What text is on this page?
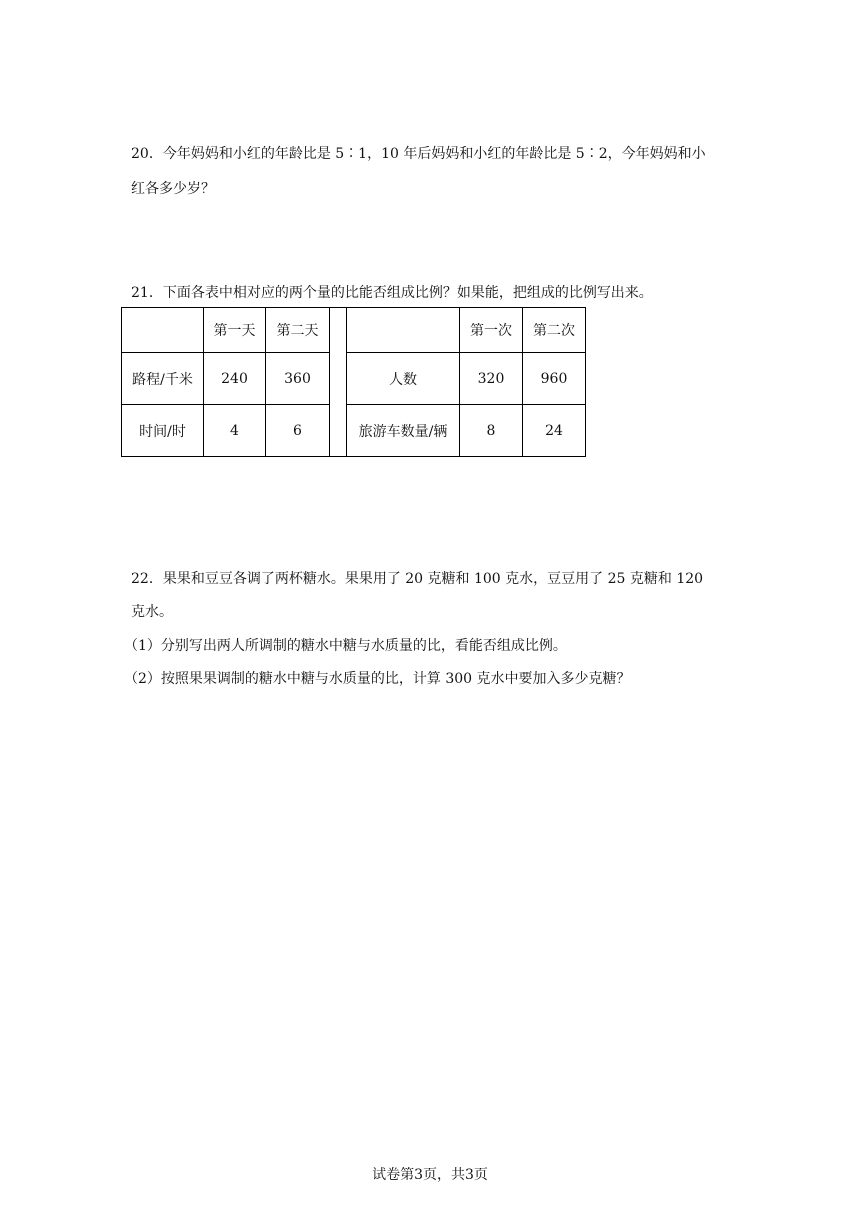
20．今年妈妈和小红的年龄比是 5∶1，10 年后妈妈和小红的年龄比是 5∶2，今年妈妈和小
红各多少岁？
21．下面各表中相对应的两个量的比能否组成比例？如果能，把组成的比例写出来。
	第一天	第二天			第一次	第二次
路程/千米	240	360		人数	320	960
时间/时	4	6		旅游车数量/辆	8	24
22．果果和豆豆各调了两杯糖水。果果用了 20 克糖和 100 克水，豆豆用了 25 克糖和 120
克水。
（1）分别写出两人所调制的糖水中糖与水质量的比，看能否组成比例。
（2）按照果果调制的糖水中糖与水质量的比，计算 300 克水中要加入多少克糖？
试卷第3页，共3页
